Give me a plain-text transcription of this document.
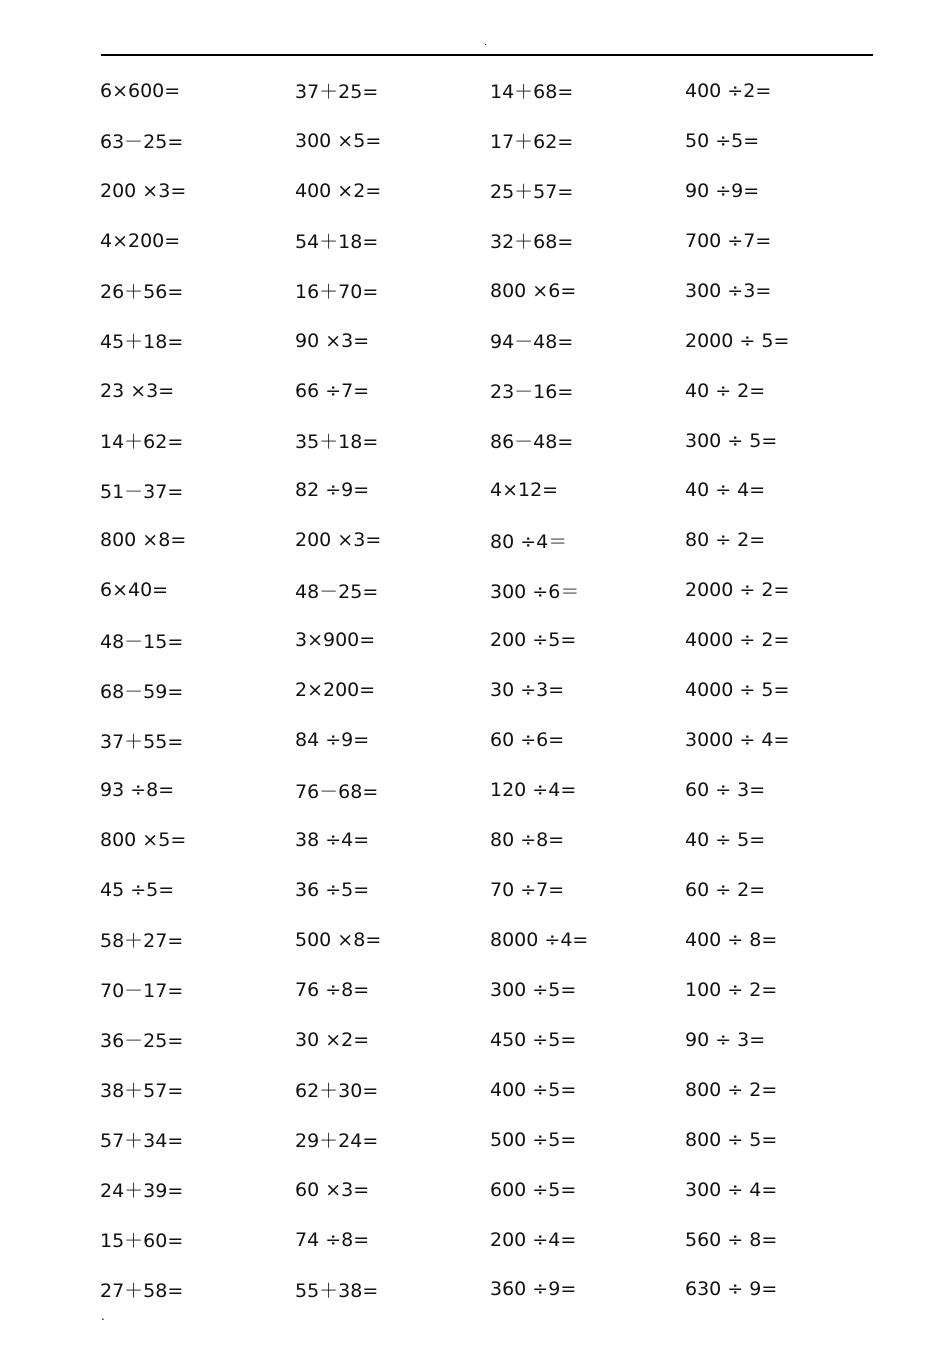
.
6×600=	37＋25=	14＋68=	400 ÷2=
63－25=	300 ×5=	17＋62=	50 ÷5=
200 ×3=	400 ×2=	25＋57=	90 ÷9=
4×200=	54＋18=	32＋68=	700 ÷7=
26＋56=	16＋70=	800 ×6=	300 ÷3=
45＋18=	90 ×3=	94－48=	2000 ÷ 5=
23 ×3=	66 ÷7=	23－16=	40 ÷ 2=
14＋62=	35＋18=	86－48=	300 ÷ 5=
51－37=	82 ÷9=	4×12=	40 ÷ 4=
800 ×8=	200 ×3=	80 ÷4＝	80 ÷ 2=
6×40=	48－25=	300 ÷6＝	2000 ÷ 2=
48－15=	3×900=	200 ÷5=	4000 ÷ 2=
68－59=	2×200=	30 ÷3=	4000 ÷ 5=
37＋55=	84 ÷9=	60 ÷6=	3000 ÷ 4=
93 ÷8=	76－68=	120 ÷4=	60 ÷ 3=
800 ×5=	38 ÷4=	80 ÷8=	40 ÷ 5=
45 ÷5=	36 ÷5=	70 ÷7=	60 ÷ 2=
58＋27=	500 ×8=	8000 ÷4=	400 ÷ 8=
70－17=	76 ÷8=	300 ÷5=	100 ÷ 2=
36－25=	30 ×2=	450 ÷5=	90 ÷ 3=
38＋57=	62＋30=	400 ÷5=	800 ÷ 2=
57＋34=	29＋24=	500 ÷5=	800 ÷ 5=
24＋39=	60 ×3=	600 ÷5=	300 ÷ 4=
15＋60=	74 ÷8=	200 ÷4=	560 ÷ 8=
27＋58=	55＋38=	360 ÷9=	630 ÷ 9=
.
